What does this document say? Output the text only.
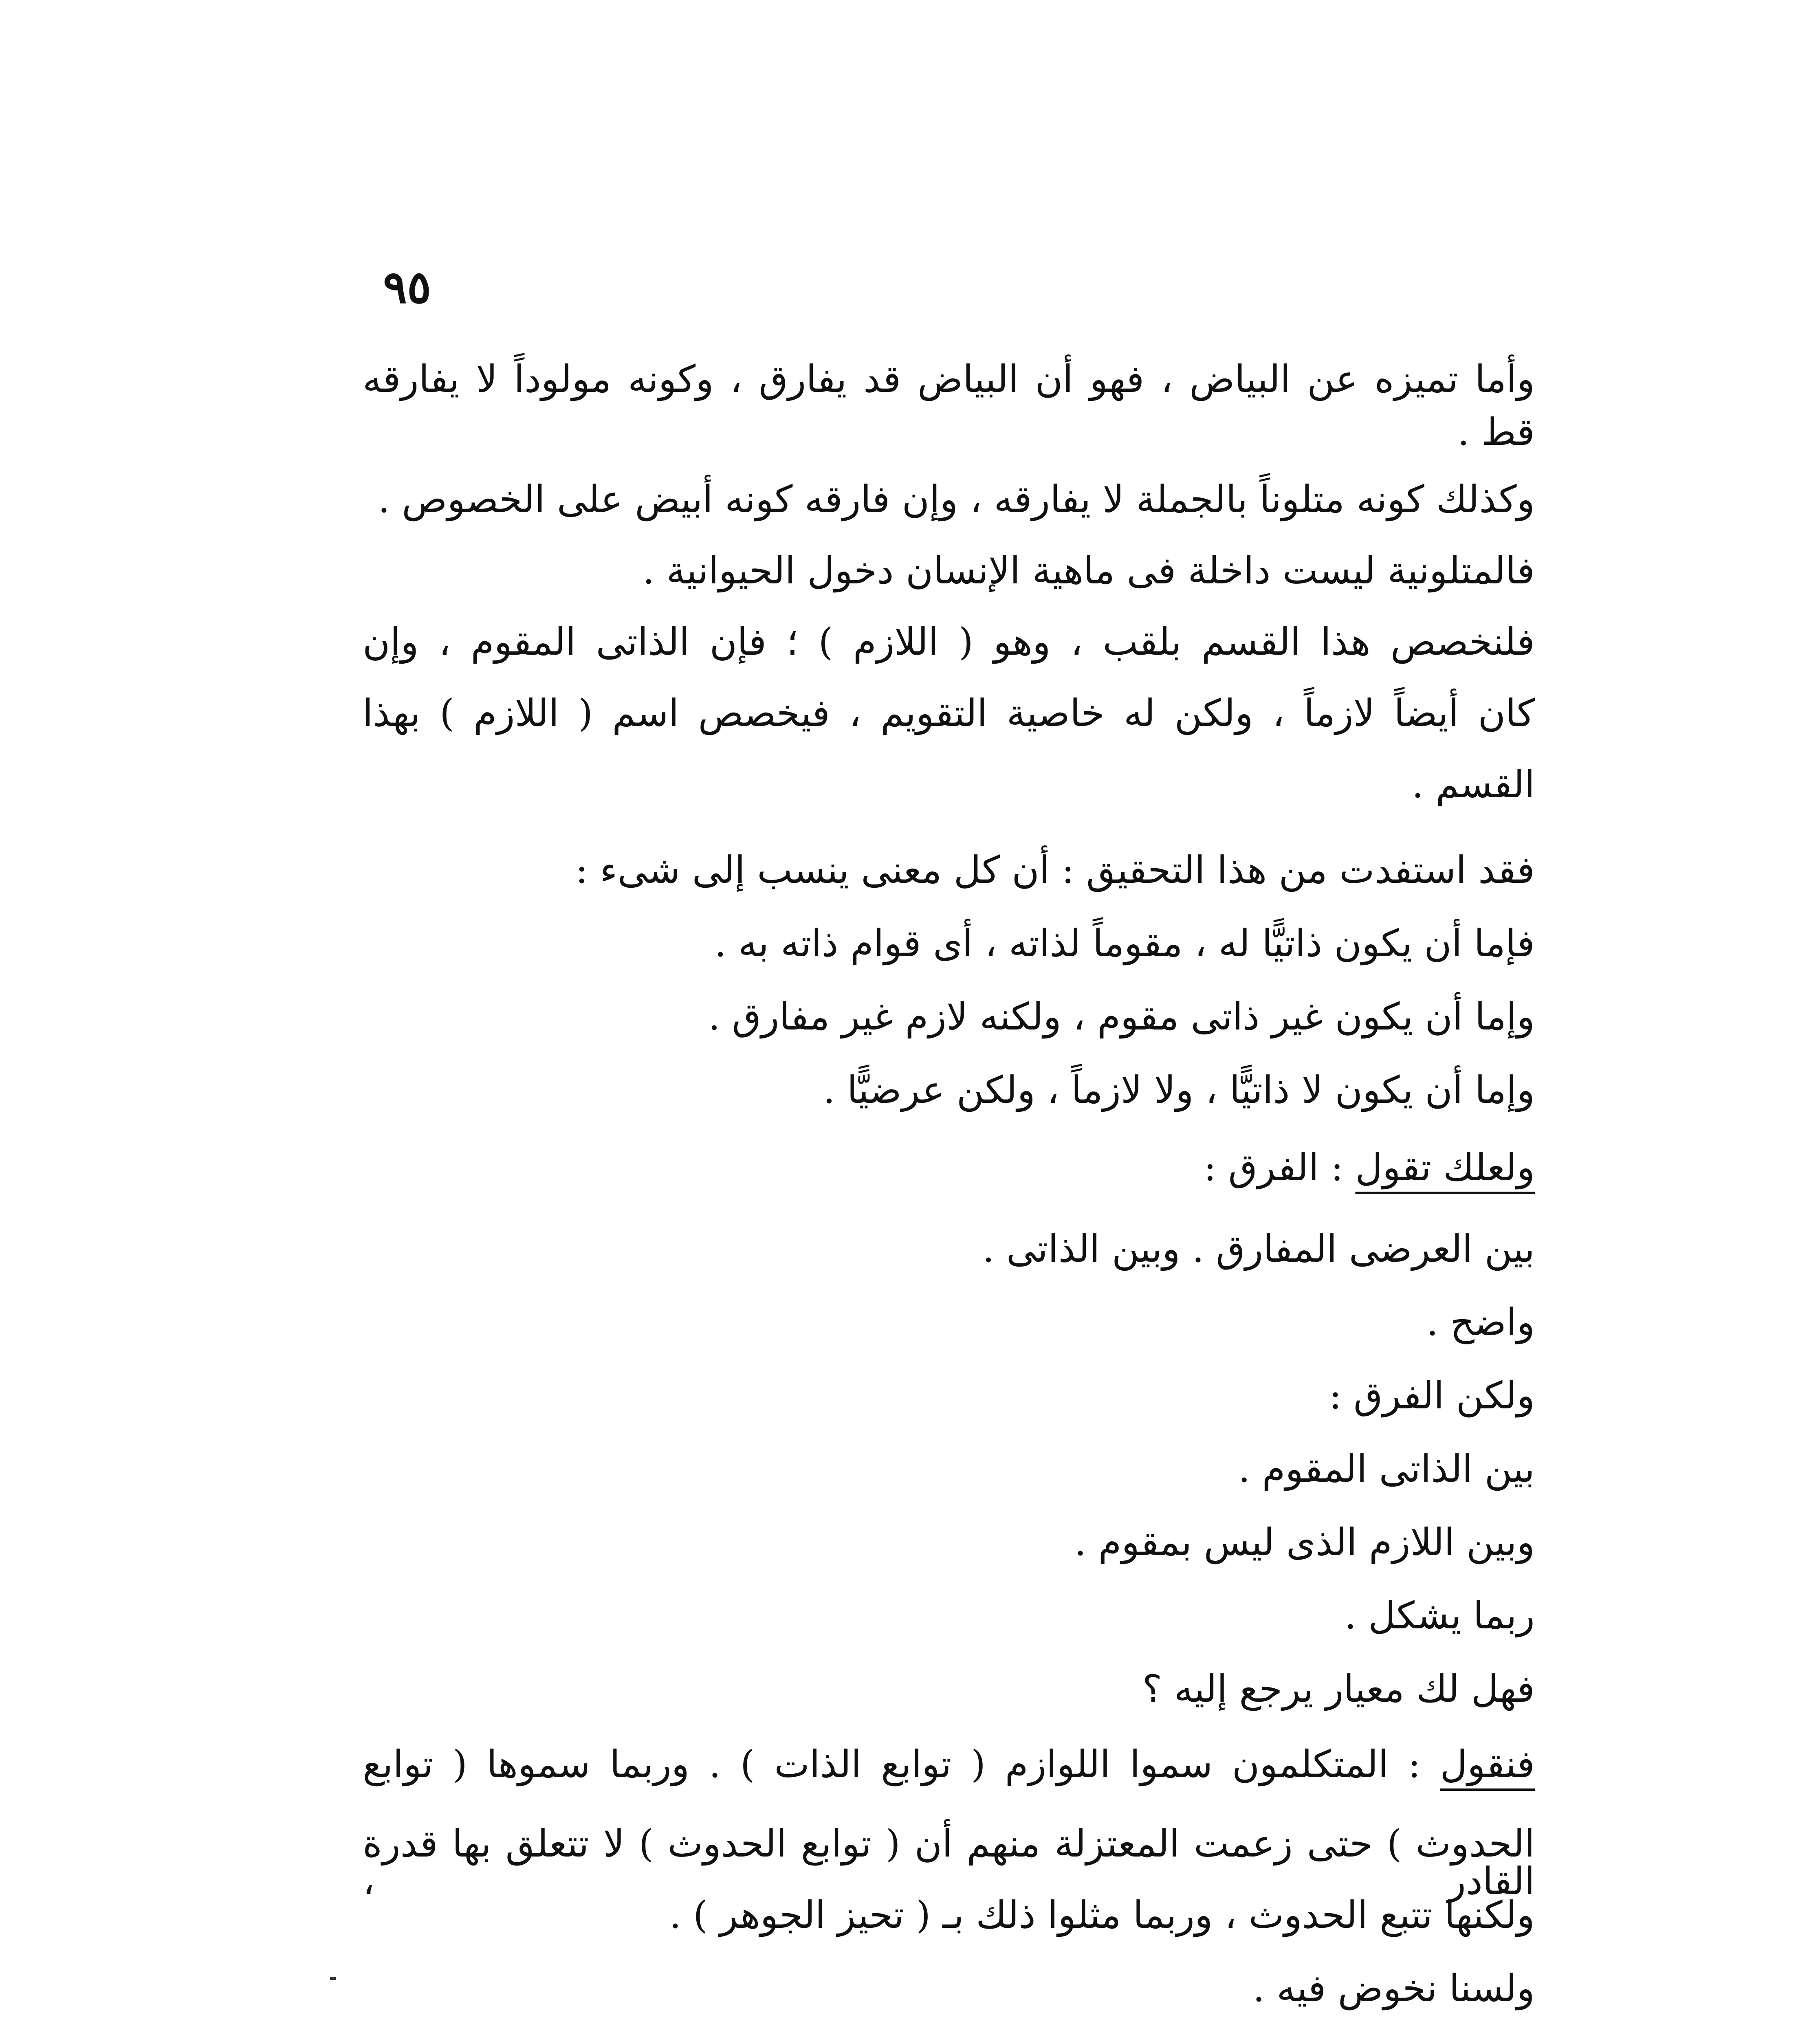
٩٥
وأما تميزه عن البياض ، فهو أن البياض قد يفارق ، وكونه مولوداً لا يفارقه
قط .
وكذلك كونه متلوناً بالجملة لا يفارقه ، وإن فارقه كونه أبيض على الخصوص .
فالمتلونية ليست داخلة فى ماهية الإنسان دخول الحيوانية .
فلنخصص هذا القسم بلقب ، وهو ( اللازم ) ؛ فإن الذاتى المقوم ، وإن
كان أيضاً لازماً ، ولكن له خاصية التقويم ، فيخصص اسم ( اللازم ) بهذا
القسم .
فقد استفدت من هذا التحقيق : أن كل معنى ينسب إلى شىء :
فإما أن يكون ذاتيًّا له ، مقوماً لذاته ، أى قوام ذاته به .
وإما أن يكون غير ذاتى مقوم ، ولكنه لازم غير مفارق .
وإما أن يكون لا ذاتيًّا ، ولا لازماً ، ولكن عرضيًّا .
ولعلك تقول : الفرق :
بين العرضى المفارق . وبين الذاتى .
واضح .
ولكن الفرق :
بين الذاتى المقوم .
وبين اللازم الذى ليس بمقوم .
ربما يشكل .
فهل لك معيار يرجع إليه ؟
فنقول : المتكلمون سموا اللوازم ( توابع الذات ) . وربما سموها ( توابع
الحدوث ) حتى زعمت المعتزلة منهم أن ( توابع الحدوث ) لا تتعلق بها قدرة القادر ،
ولكنها تتبع الحدوث ، وربما مثلوا ذلك بـ ( تحيز الجوهر ) .
ولسنا نخوض فيه .
